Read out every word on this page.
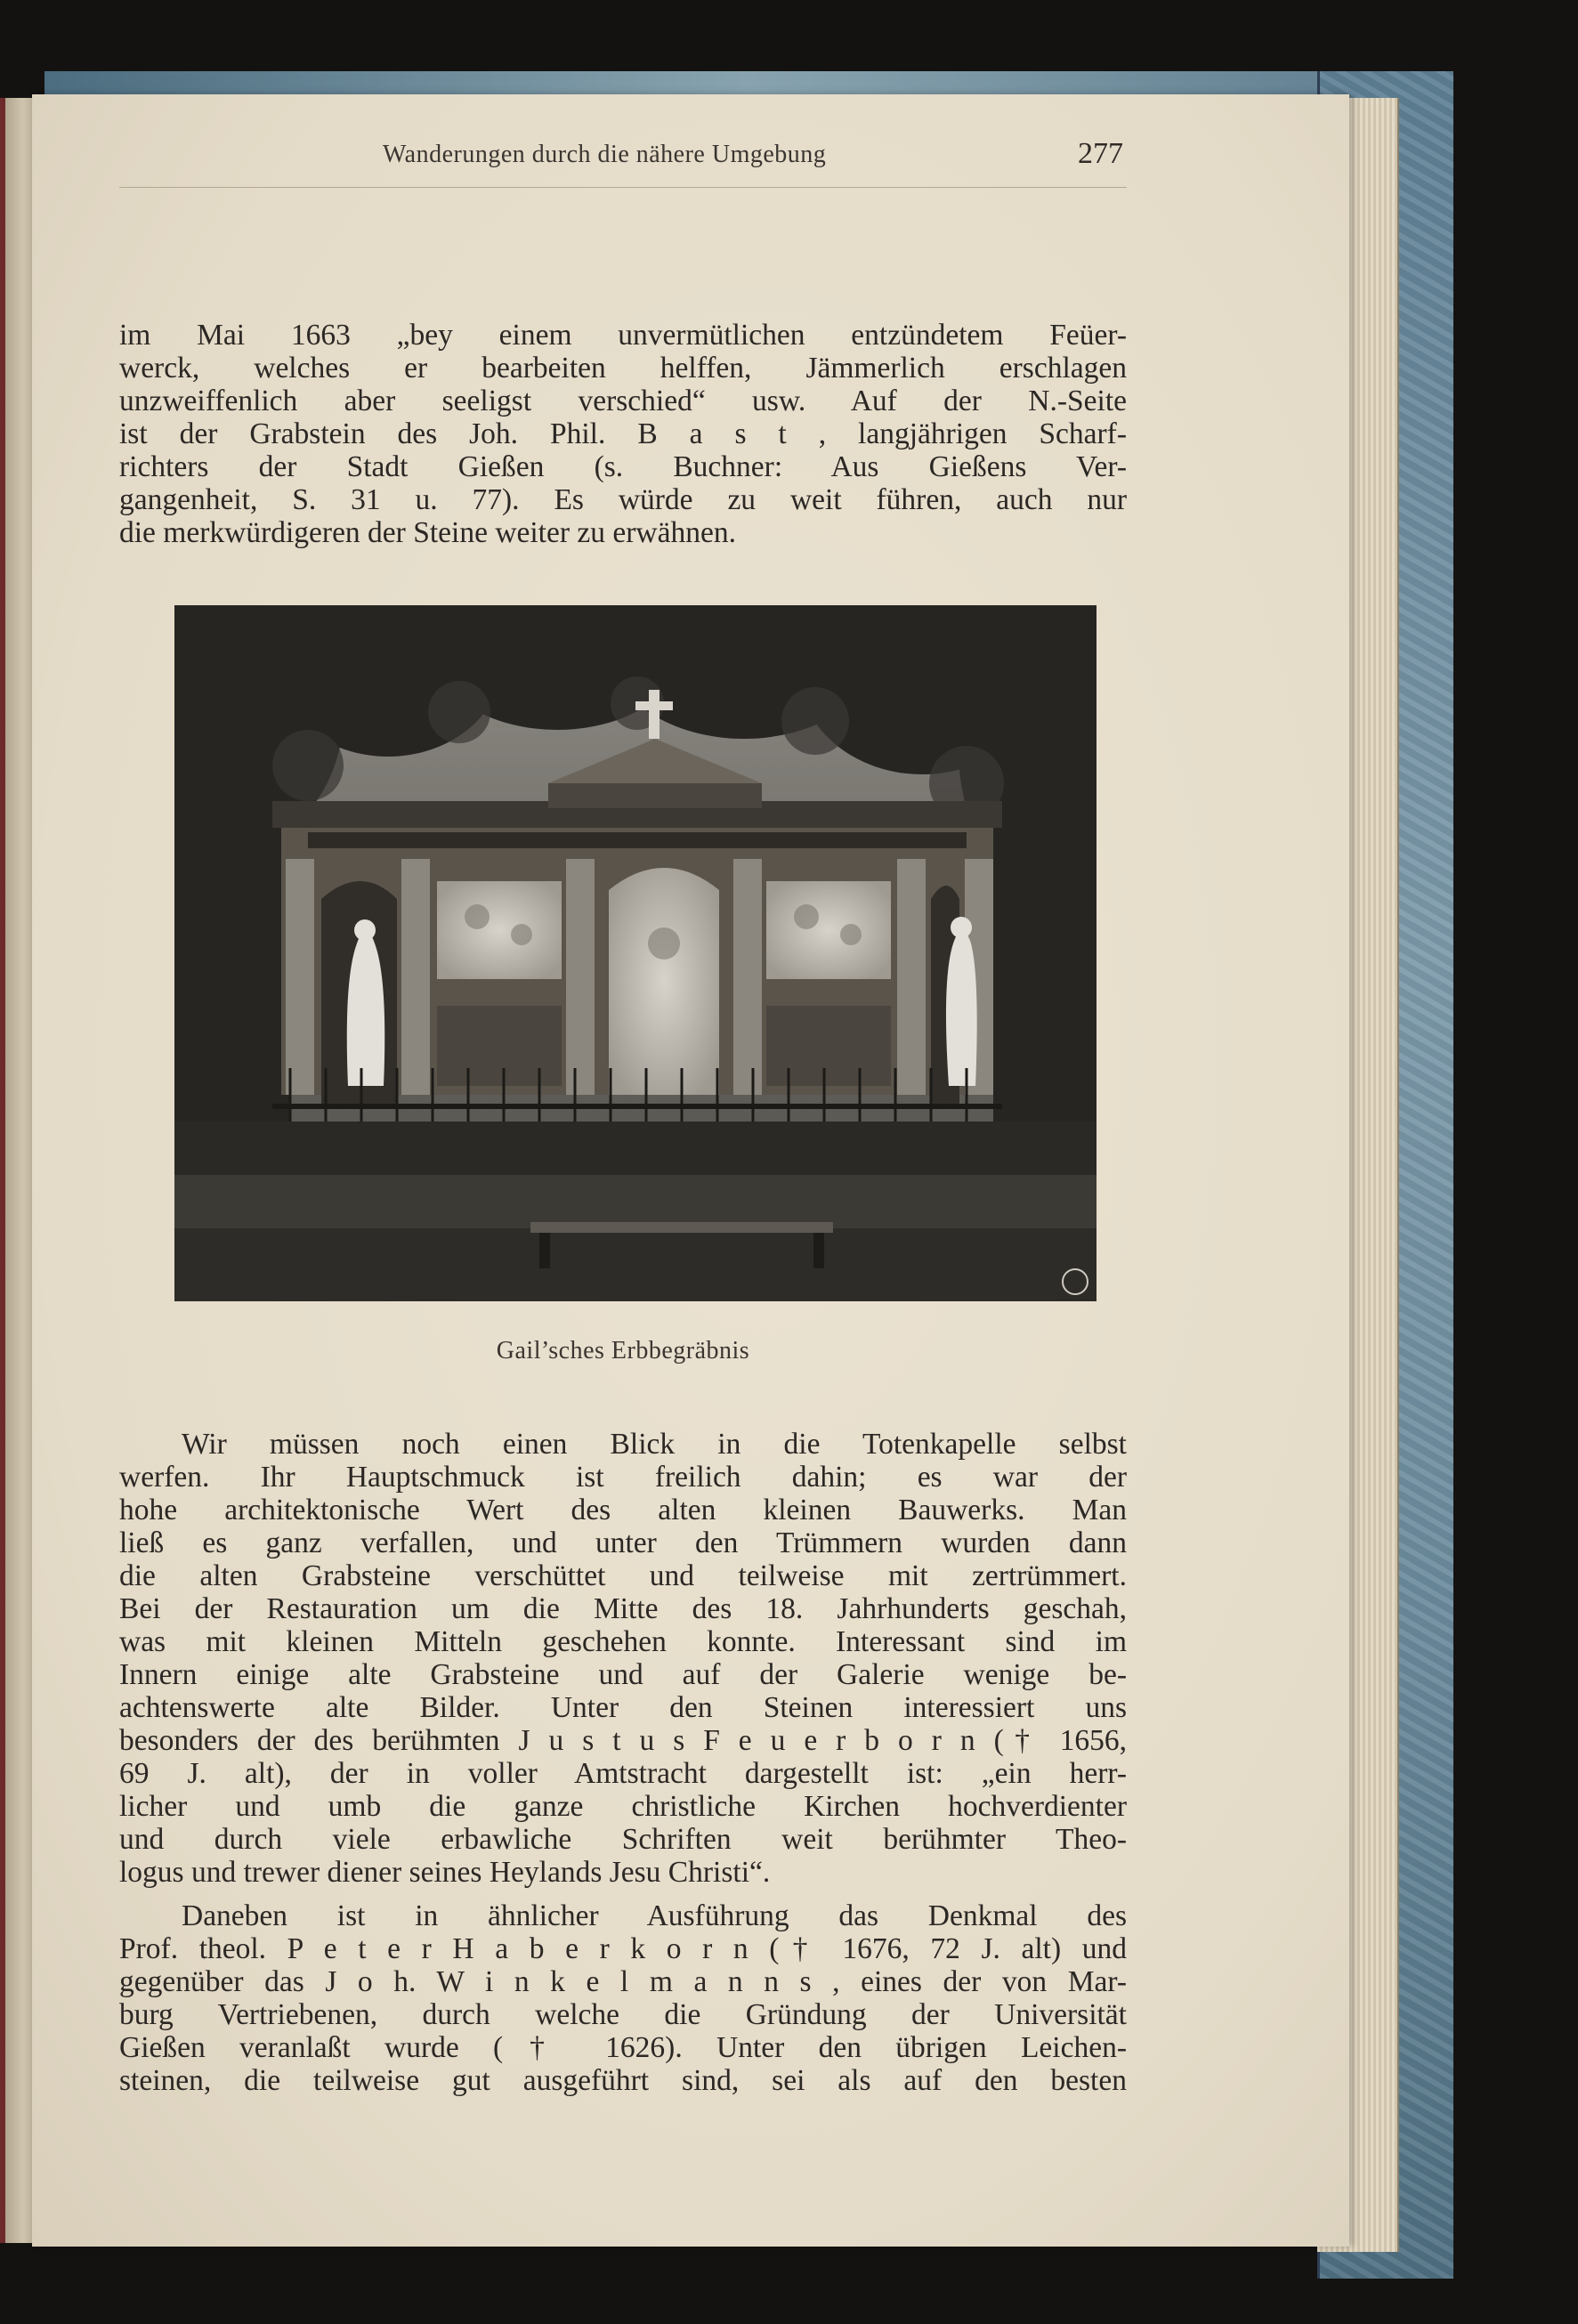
Wanderungen durch die nähere Umgebung	277
im Mai 1663 „bey einem unvermütlichen entzündetem Feüer-
werck, welches er bearbeiten helffen, Jämmerlich erschlagen
unzweiffenlich aber seeligst verschied“ usw. Auf der N.-Seite
ist der Grabstein des Joh. Phil. B a s t , langjährigen Scharf-
richters der Stadt Gießen (s. Buchner: Aus Gießens Ver-
gangenheit, S. 31 u. 77). Es würde zu weit führen, auch nur
die merkwürdigeren der Steine weiter zu erwähnen.
Gail’sches Erbbegräbnis
Wir müssen noch einen Blick in die Totenkapelle selbst
werfen. Ihr Hauptschmuck ist freilich dahin; es war der
hohe architektonische Wert des alten kleinen Bauwerks. Man
ließ es ganz verfallen, und unter den Trümmern wurden dann
die alten Grabsteine verschüttet und teilweise mit zertrümmert.
Bei der Restauration um die Mitte des 18. Jahrhunderts geschah,
was mit kleinen Mitteln geschehen konnte. Interessant sind im
Innern einige alte Grabsteine und auf der Galerie wenige be-
achtenswerte alte Bilder. Unter den Steinen interessiert uns
besonders der des berühmten J u s t u s F e u e r b o r n († 1656,
69 J. alt), der in voller Amtstracht dargestellt ist: „ein herr-
licher und umb die ganze christliche Kirchen hochverdienter
und durch viele erbawliche Schriften weit berühmter Theo-
logus und trewer diener seines Heylands Jesu Christi“.
Daneben ist in ähnlicher Ausführung das Denkmal des
Prof. theol. P e t e r H a b e r k o r n († 1676, 72 J. alt) und
gegenüber das J o h. W i n k e l m a n n s , eines der von Mar-
burg Vertriebenen, durch welche die Gründung der Universität
Gießen veranlaßt wurde († 1626). Unter den übrigen Leichen-
steinen, die teilweise gut ausgeführt sind, sei als auf den besten
